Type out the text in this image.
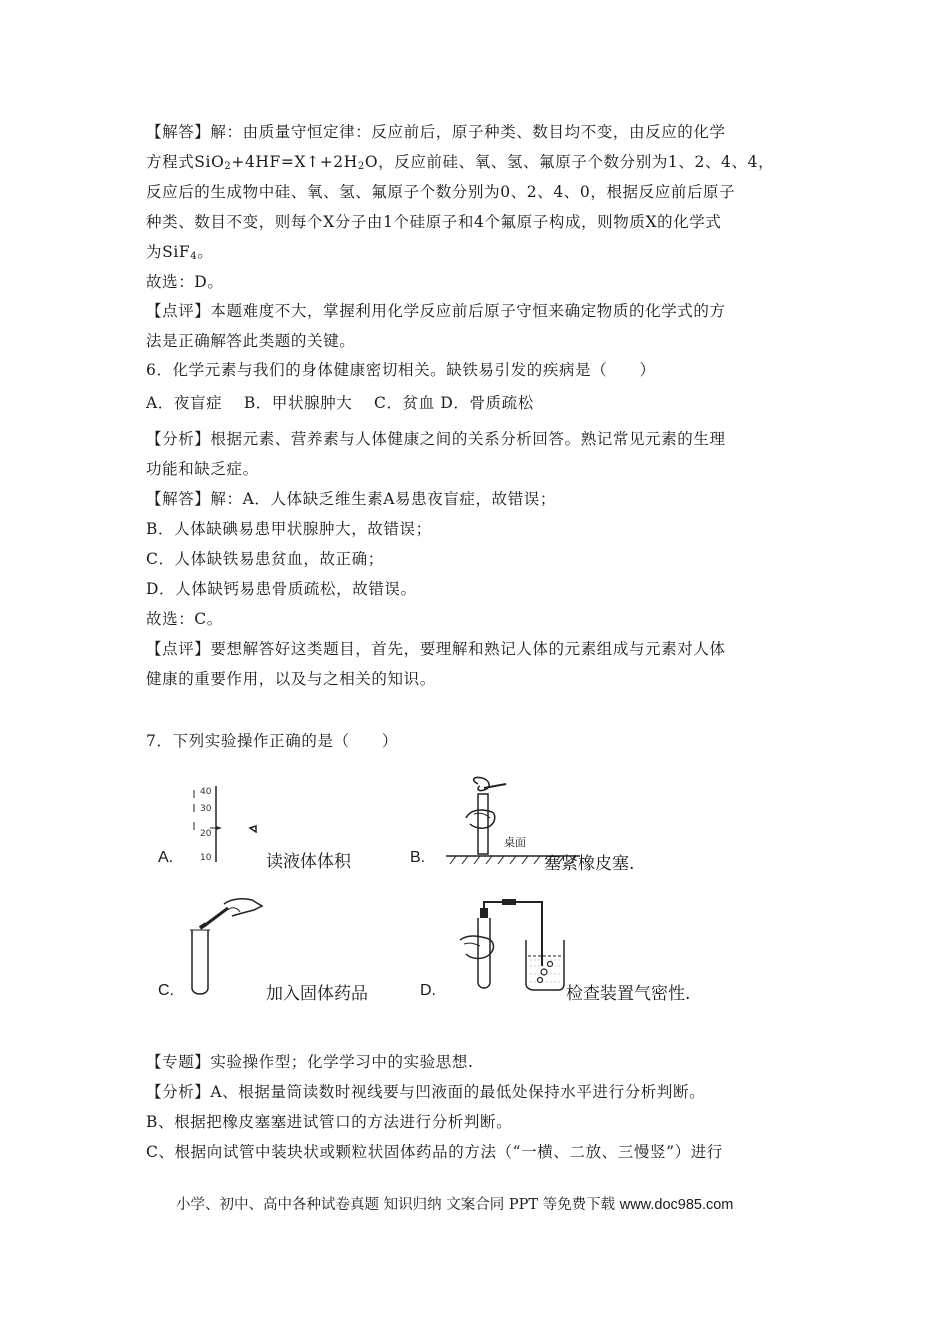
【解答】解：由质量守恒定律：反应前后，原子种类、数目均不变，由反应的化学
方程式$SiO_2+4HF=X↑+2H_2O$，反应前硅、氧、氢、氟原子个数分别为1、2、4、4，
反应后的生成物中硅、氧、氢、氟原子个数分别为0、2、4、0，根据反应前后原子
种类、数目不变，则每个X分子由1个硅原子和4个氟原子构成，则物质X的化学式
为SiF$_4$。
故选：D。
【点评】本题难度不大，掌握利用化学反应前后原子守恒来确定物质的化学式的方
法是正确解答此类题的关键。
6．化学元素与我们的身体健康密切相关。缺铁易引发的疾病是（　　）
A．夜盲症　 B．甲状腺肿大　 C．贫血 D．骨质疏松
【分析】根据元素、营养素与人体健康之间的关系分析回答。熟记常见元素的生理
功能和缺乏症。
【解答】解：A．人体缺乏维生素A易患夜盲症，故错误；
B．人体缺碘易患甲状腺肿大，故错误；
C．人体缺铁易患贫血，故正确；
D．人体缺钙易患骨质疏松，故错误。
故选：C。
【点评】要想解答好这类题目，首先，要理解和熟记人体的元素组成与元素对人体
健康的重要作用，以及与之相关的知识。
7．下列实验操作正确的是（　　）
40
30
20
10
A.	读液体体积
桌面
B.	塞紧橡皮塞.
C.	加入固体药品	D.	检查装置气密性.
【专题】实验操作型；化学学习中的实验思想.
【分析】A、根据量筒读数时视线要与凹液面的最低处保持水平进行分析判断。
B、根据把橡皮塞塞进试管口的方法进行分析判断。
C、根据向试管中装块状或颗粒状固体药品的方法（“一横、二放、三慢竖”）进行
小学、初中、高中各种试卷真题 知识归纳 文案合同 PPT 等免费下载 www.doc985.com
